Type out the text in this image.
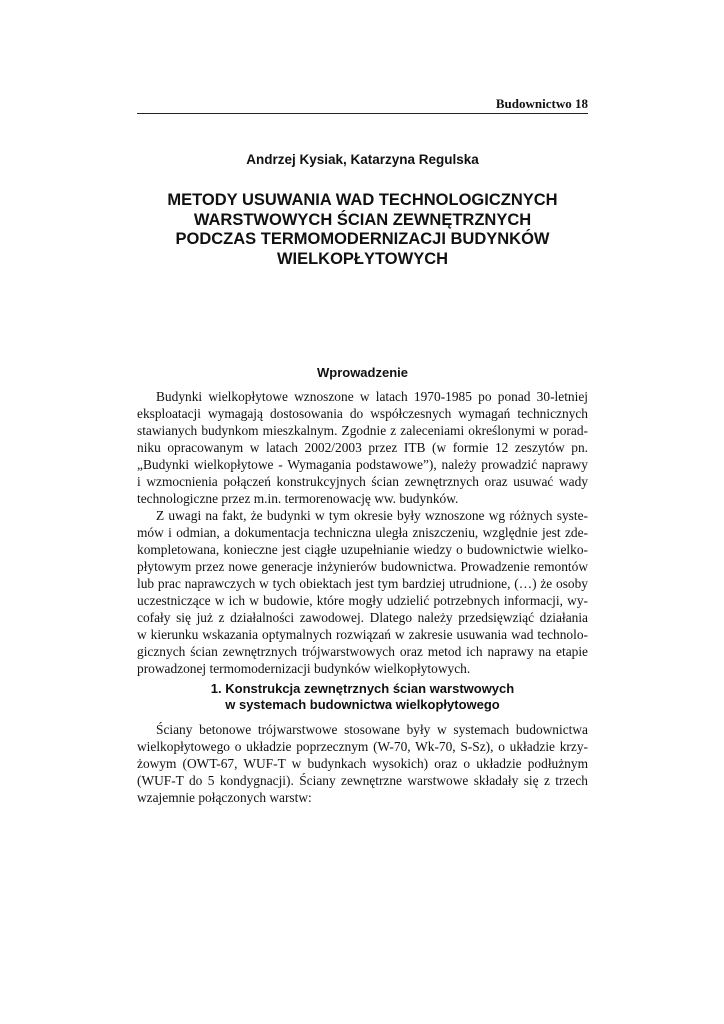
Budownictwo 18
Andrzej Kysiak, Katarzyna Regulska
METODY USUWANIA WAD TECHNOLOGICZNYCH
WARSTWOWYCH ŚCIAN ZEWNĘTRZNYCH
PODCZAS TERMOMODERNIZACJI BUDYNKÓW
WIELKOPŁYTOWYCH
Wprowadzenie
Budynki wielkopłytowe wznoszone w latach 1970-1985 po ponad 30-letniej
eksploatacji wymagają dostosowania do współczesnych wymagań technicznych
stawianych budynkom mieszkalnym. Zgodnie z zaleceniami określonymi w porad-
niku opracowanym w latach 2002/2003 przez ITB (w formie 12 zeszytów pn.
„Budynki wielkopłytowe - Wymagania podstawowe”), należy prowadzić naprawy
i wzmocnienia połączeń konstrukcyjnych ścian zewnętrznych oraz usuwać wady
technologiczne przez m.in. termorenowację ww. budynków.
Z uwagi na fakt, że budynki w tym okresie były wznoszone wg różnych syste-
mów i odmian, a dokumentacja techniczna uległa zniszczeniu, względnie jest zde-
kompletowana, konieczne jest ciągłe uzupełnianie wiedzy o budownictwie wielko-
płytowym przez nowe generacje inżynierów budownictwa. Prowadzenie remontów
lub prac naprawczych w tych obiektach jest tym bardziej utrudnione, (…) że osoby
uczestniczące w ich w budowie, które mogły udzielić potrzebnych informacji, wy-
cofały się już z działalności zawodowej. Dlatego należy przedsięwziąć działania
w kierunku wskazania optymalnych rozwiązań w zakresie usuwania wad technolo-
gicznych ścian zewnętrznych trójwarstwowych oraz metod ich naprawy na etapie
prowadzonej termomodernizacji budynków wielkopłytowych.
1. Konstrukcja zewnętrznych ścian warstwowych
w systemach budownictwa wielkopłytowego
Ściany betonowe trójwarstwowe stosowane były w systemach budownictwa
wielkopłytowego o układzie poprzecznym (W-70, Wk-70, S-Sz), o układzie krzy-
żowym (OWT-67, WUF-T w budynkach wysokich) oraz o układzie podłużnym
(WUF-T do 5 kondygnacji). Ściany zewnętrzne warstwowe składały się z trzech
wzajemnie połączonych warstw:
